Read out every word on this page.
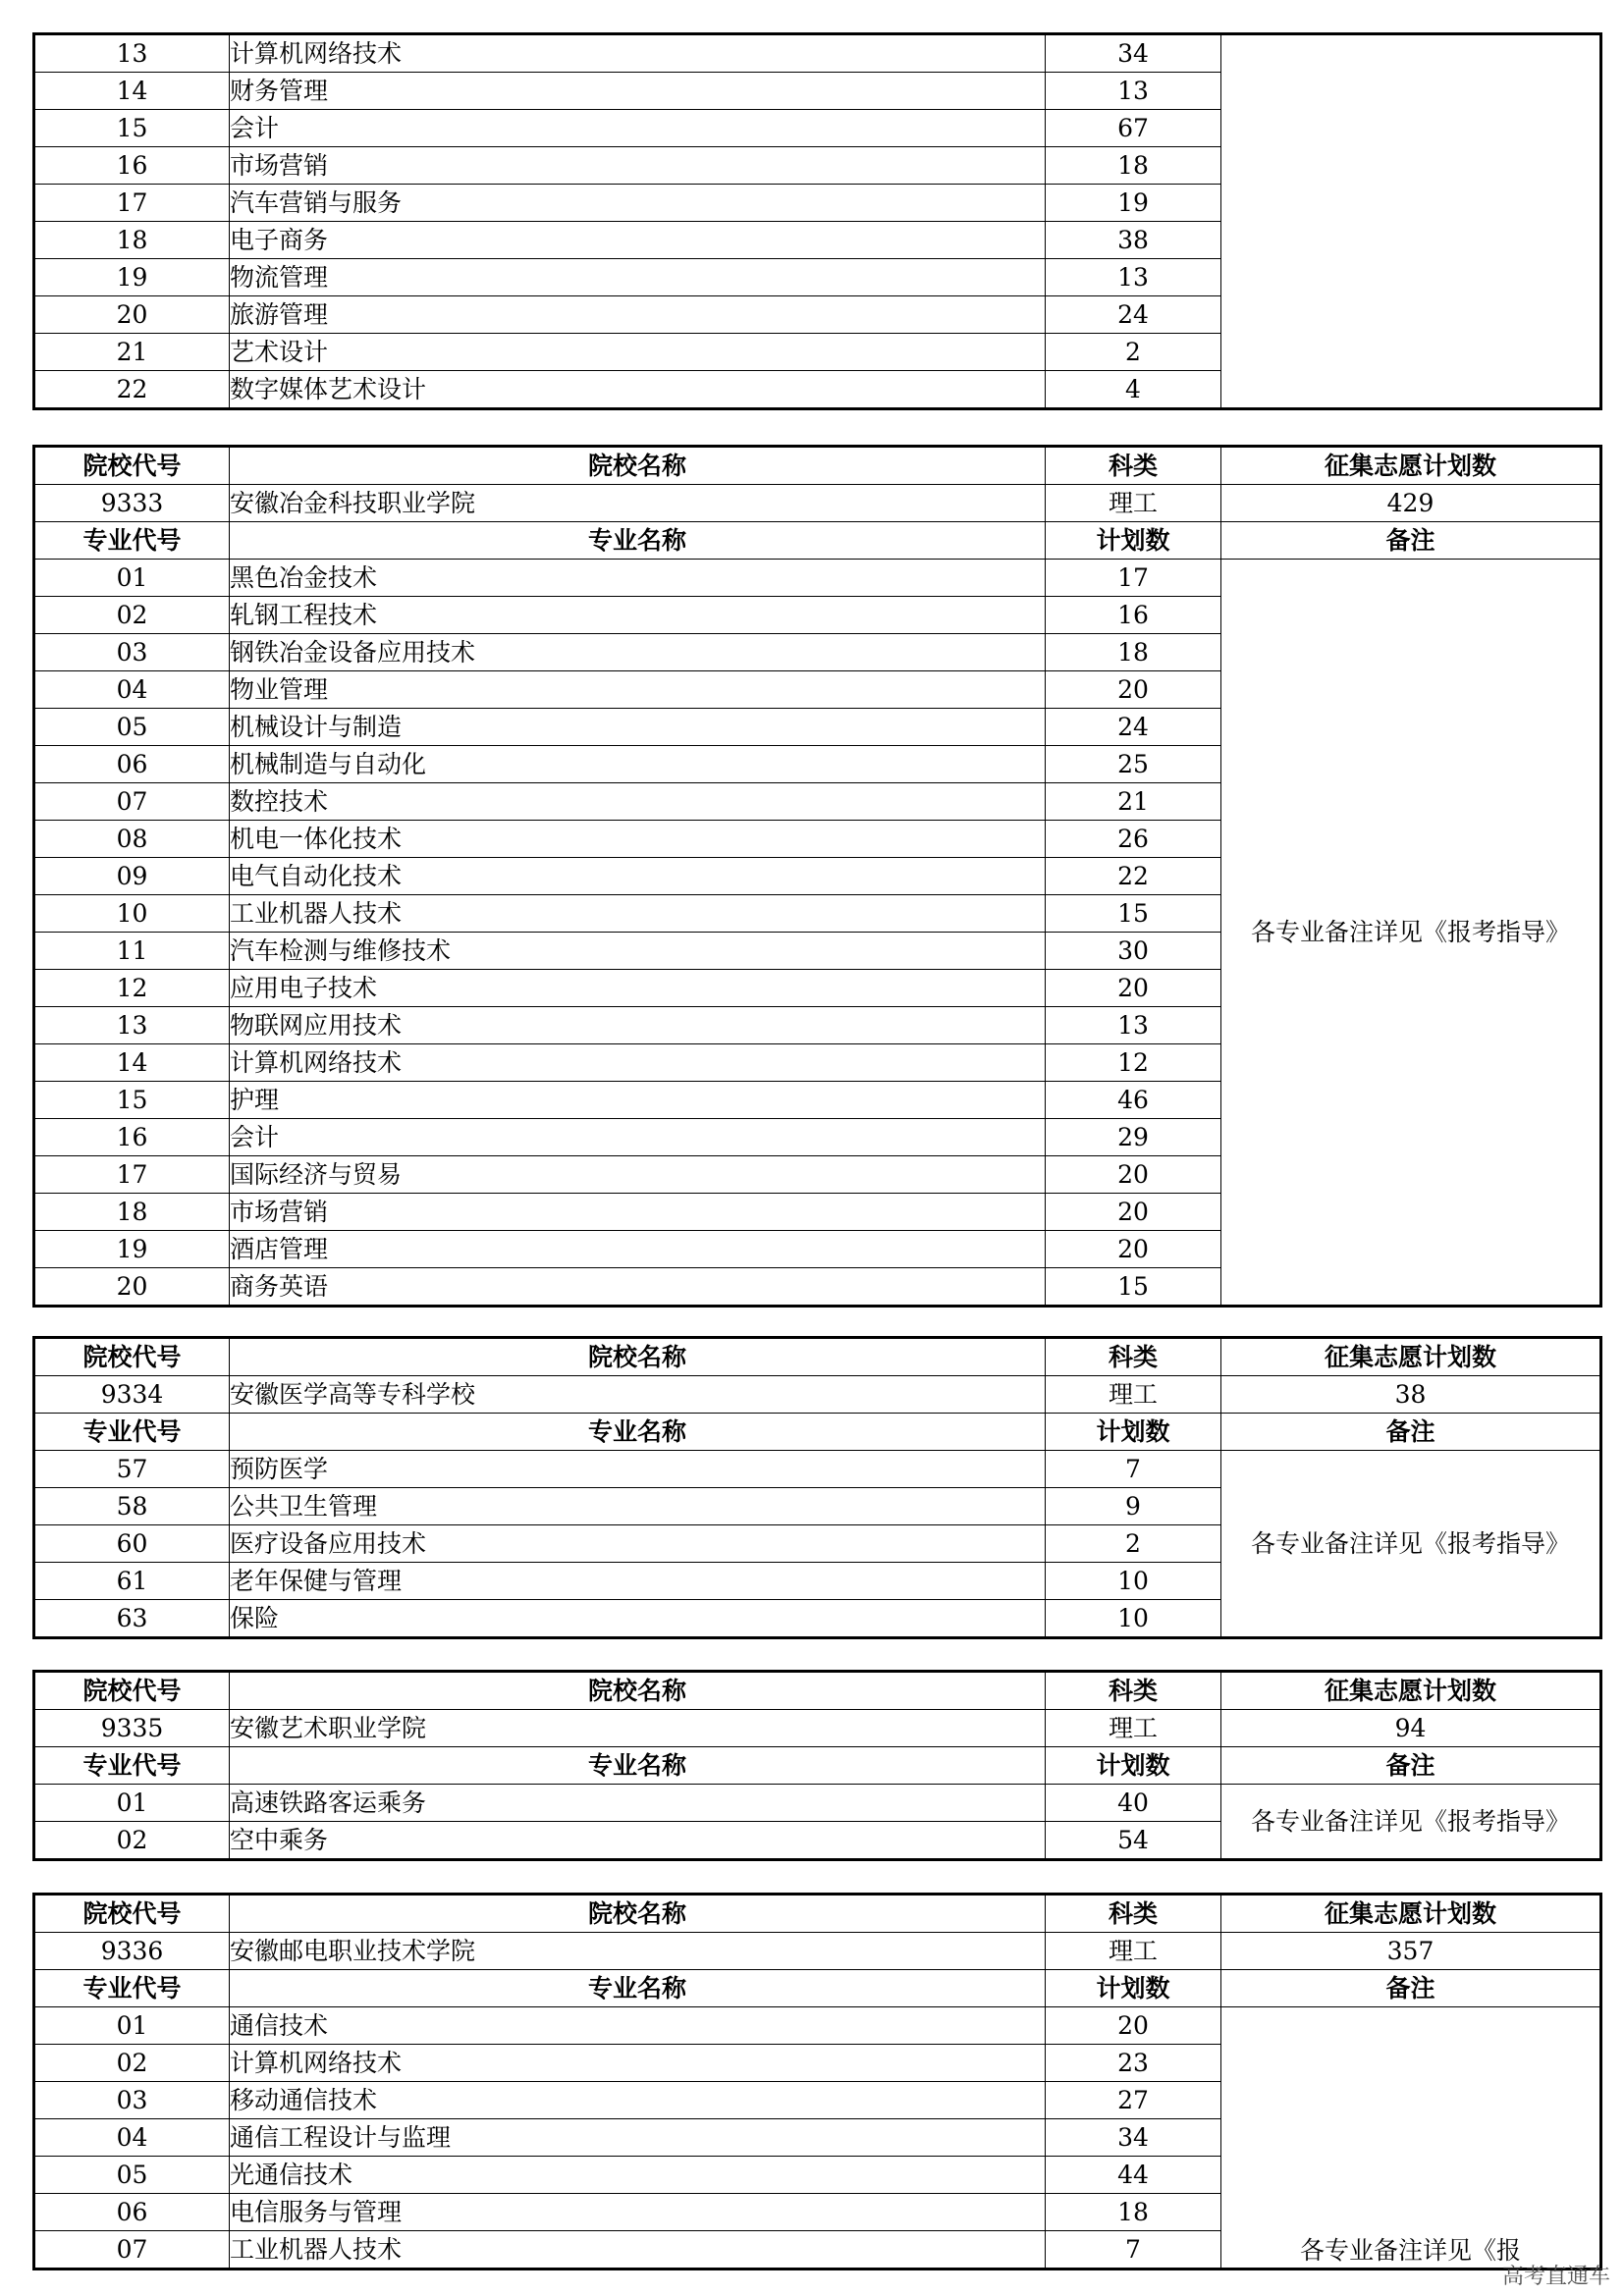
13	计算机网络技术	34	
14	财务管理	13	
15	会计	67	
16	市场营销	18	
17	汽车营销与服务	19	
18	电子商务	38	
19	物流管理	13	
20	旅游管理	24	
21	艺术设计	2	
22	数字媒体艺术设计	4	
院校代号	院校名称	科类	征集志愿计划数
9333	安徽冶金科技职业学院	理工	429
专业代号	专业名称	计划数	备注
01	黑色冶金技术	17	各专业备注详见《报考指导》
02	轧钢工程技术	16	
03	钢铁冶金设备应用技术	18	
04	物业管理	20	
05	机械设计与制造	24	
06	机械制造与自动化	25	
07	数控技术	21	
08	机电一体化技术	26	
09	电气自动化技术	22	
10	工业机器人技术	15	
11	汽车检测与维修技术	30	
12	应用电子技术	20	
13	物联网应用技术	13	
14	计算机网络技术	12	
15	护理	46	
16	会计	29	
17	国际经济与贸易	20	
18	市场营销	20	
19	酒店管理	20	
20	商务英语	15	
院校代号	院校名称	科类	征集志愿计划数
9334	安徽医学高等专科学校	理工	38
专业代号	专业名称	计划数	备注
57	预防医学	7	各专业备注详见《报考指导》
58	公共卫生管理	9	
60	医疗设备应用技术	2	
61	老年保健与管理	10	
63	保险	10	
院校代号	院校名称	科类	征集志愿计划数
9335	安徽艺术职业学院	理工	94
专业代号	专业名称	计划数	备注
01	高速铁路客运乘务	40	各专业备注详见《报考指导》
02	空中乘务	54	
院校代号	院校名称	科类	征集志愿计划数
9336	安徽邮电职业技术学院	理工	357
专业代号	专业名称	计划数	备注
01	通信技术	20	各专业备注详见《报

02	计算机网络技术	23	
03	移动通信技术	27	
04	通信工程设计与监理	34	
05	光通信技术	44	
06	电信服务与管理	18	
07	工业机器人技术	7	
高考直通车
